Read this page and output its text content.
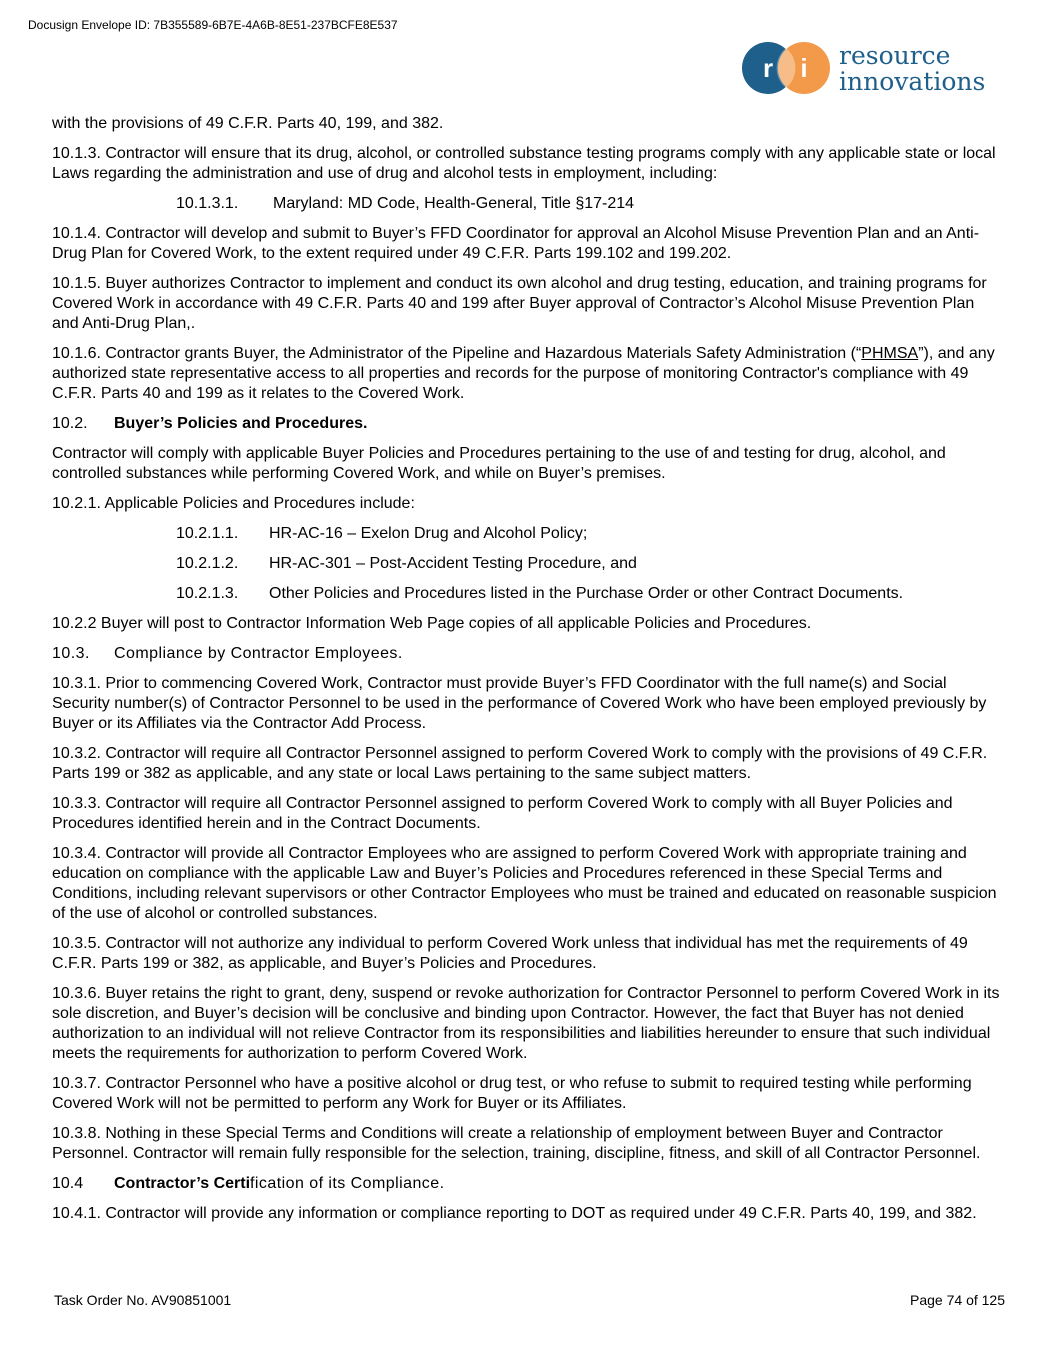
Docusign Envelope ID: 7B355589-6B7E-4A6B-8E51-237BCFE8E537
r i resource
innovations

with the provisions of 49 C.F.R. Parts 40, 199, and 382.

10.1.3. Contractor will ensure that its drug, alcohol, or controlled substance testing programs comply with any applicable state or local Laws regarding the administration and use of drug and alcohol tests in employment, including:

10.1.3.1. Maryland: MD Code, Health-General, Title §17-214

10.1.4. Contractor will develop and submit to Buyer’s FFD Coordinator for approval an Alcohol Misuse Prevention Plan and an Anti-Drug Plan for Covered Work, to the extent required under 49 C.F.R. Parts 199.102 and 199.202.

10.1.5. Buyer authorizes Contractor to implement and conduct its own alcohol and drug testing, education, and training programs for Covered Work in accordance with 49 C.F.R. Parts 40 and 199 after Buyer approval of Contractor’s Alcohol Misuse Prevention Plan and Anti-Drug Plan,.

10.1.6. Contractor grants Buyer, the Administrator of the Pipeline and Hazardous Materials Safety Administration (“PHMSA”), and any authorized state representative access to all properties and records for the purpose of monitoring Contractor's compliance with 49 C.F.R. Parts 40 and 199 as it relates to the Covered Work.

10.2. Buyer’s Policies and Procedures.

Contractor will comply with applicable Buyer Policies and Procedures pertaining to the use of and testing for drug, alcohol, and controlled substances while performing Covered Work, and while on Buyer’s premises.

10.2.1. Applicable Policies and Procedures include:

10.2.1.1. HR-AC-16 – Exelon Drug and Alcohol Policy;

10.2.1.2. HR-AC-301 – Post-Accident Testing Procedure, and

10.2.1.3. Other Policies and Procedures listed in the Purchase Order or other Contract Documents.

10.2.2 Buyer will post to Contractor Information Web Page copies of all applicable Policies and Procedures.

10.3. Compliance by Contractor Employees.

10.3.1. Prior to commencing Covered Work, Contractor must provide Buyer’s FFD Coordinator with the full name(s) and Social Security number(s) of Contractor Personnel to be used in the performance of Covered Work who have been employed previously by Buyer or its Affiliates via the Contractor Add Process.

10.3.2. Contractor will require all Contractor Personnel assigned to perform Covered Work to comply with the provisions of 49 C.F.R. Parts 199 or 382 as applicable, and any state or local Laws pertaining to the same subject matters.

10.3.3. Contractor will require all Contractor Personnel assigned to perform Covered Work to comply with all Buyer Policies and Procedures identified herein and in the Contract Documents.

10.3.4. Contractor will provide all Contractor Employees who are assigned to perform Covered Work with appropriate training and education on compliance with the applicable Law and Buyer’s Policies and Procedures referenced in these Special Terms and Conditions, including relevant supervisors or other Contractor Employees who must be trained and educated on reasonable suspicion of the use of alcohol or controlled substances.

10.3.5. Contractor will not authorize any individual to perform Covered Work unless that individual has met the requirements of 49 C.F.R. Parts 199 or 382, as applicable, and Buyer’s Policies and Procedures.

10.3.6. Buyer retains the right to grant, deny, suspend or revoke authorization for Contractor Personnel to perform Covered Work in its sole discretion, and Buyer’s decision will be conclusive and binding upon Contractor. However, the fact that Buyer has not denied authorization to an individual will not relieve Contractor from its responsibilities and liabilities hereunder to ensure that such individual meets the requirements for authorization to perform Covered Work.

10.3.7. Contractor Personnel who have a positive alcohol or drug test, or who refuse to submit to required testing while performing Covered Work will not be permitted to perform any Work for Buyer or its Affiliates.

10.3.8. Nothing in these Special Terms and Conditions will create a relationship of employment between Buyer and Contractor Personnel. Contractor will remain fully responsible for the selection, training, discipline, fitness, and skill of all Contractor Personnel.

10.4 Contractor’s Certification of its Compliance.

10.4.1. Contractor will provide any information or compliance reporting to DOT as required under 49 C.F.R. Parts 40, 199, and 382.

Task Order No. AV90851001	Page 74 of 125
